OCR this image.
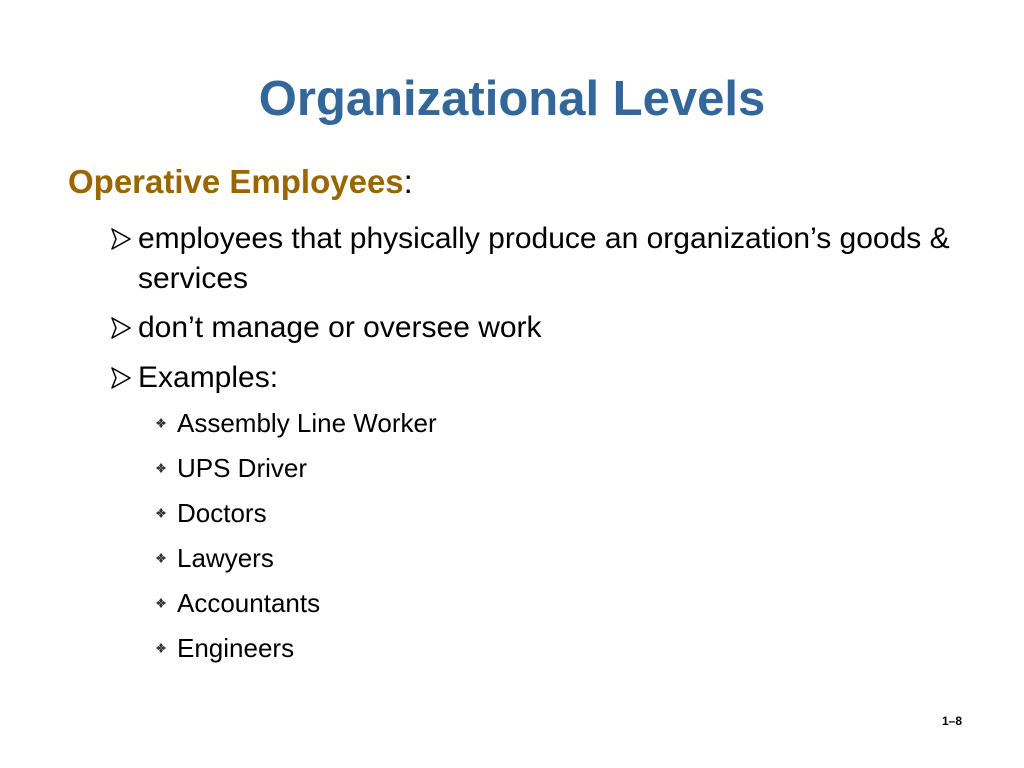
Organizational Levels
Operative Employees:
employees that physically produce an organization’s goods & services
don’t manage or oversee work
Examples:
Assembly Line Worker
UPS Driver
Doctors
Lawyers
Accountants
Engineers
1–8
